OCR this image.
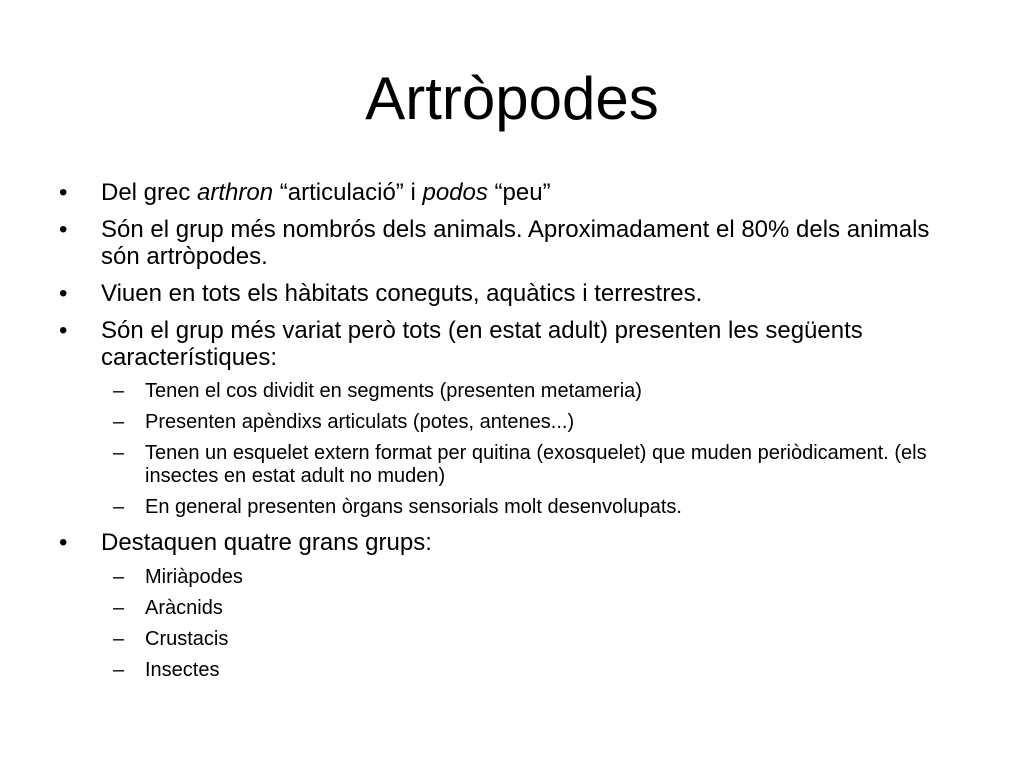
Artròpodes
• Del grec arthron “articulació” i podos “peu”
• Són el grup més nombrós dels animals. Aproximadament el 80% dels animals són artròpodes.
• Viuen en tots els hàbitats coneguts, aquàtics i terrestres.
• Són el grup més variat però tots (en estat adult) presenten les següents característiques:
– Tenen el cos dividit en segments (presenten metameria)
– Presenten apèndixs articulats (potes, antenes...)
– Tenen un esquelet extern format per quitina (exosquelet) que muden periòdicament. (els insectes en estat adult no muden)
– En general presenten òrgans sensorials molt desenvolupats.
• Destaquen quatre grans grups:
– Miriàpodes
– Aràcnids
– Crustacis
– Insectes
